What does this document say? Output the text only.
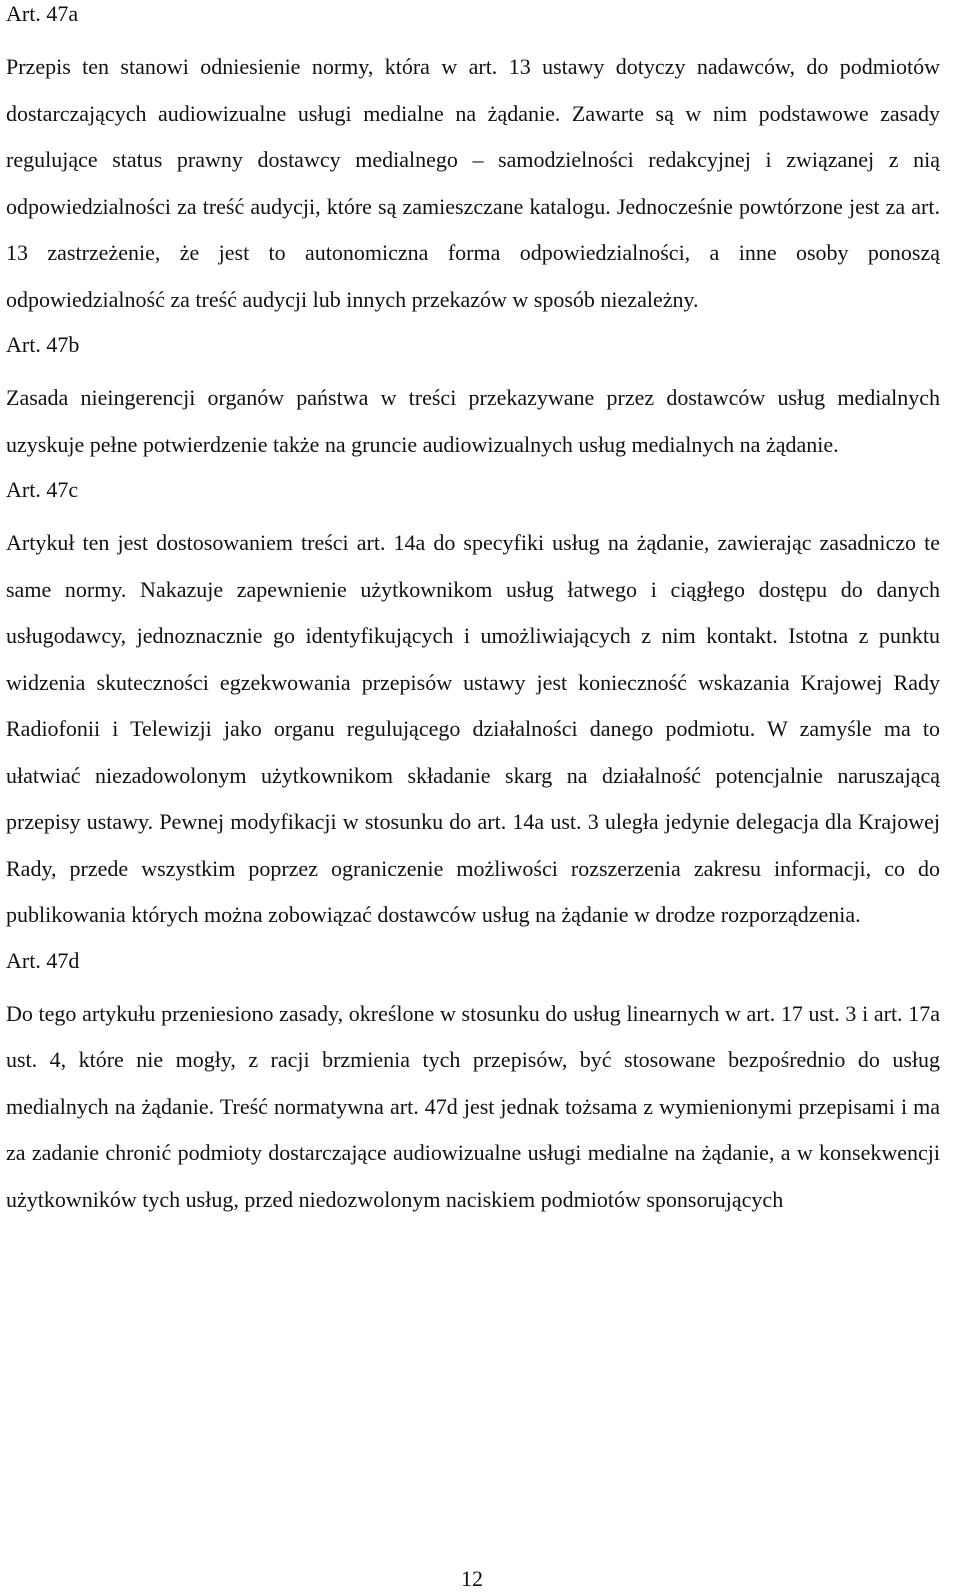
Art. 47a

Przepis ten stanowi odniesienie normy, która w art. 13 ustawy dotyczy nadawców, do podmiotów dostarczających audiowizualne usługi medialne na żądanie. Zawarte są w nim podstawowe zasady regulujące status prawny dostawcy medialnego – samodzielności redakcyjnej i związanej z nią odpowiedzialności za treść audycji, które są zamieszczane katalogu. Jednocześnie powtórzone jest za art. 13 zastrzeżenie, że jest to autonomiczna forma odpowiedzialności, a inne osoby ponoszą odpowiedzialność za treść audycji lub innych przekazów w sposób niezależny.

Art. 47b

Zasada nieingerencji organów państwa w treści przekazywane przez dostawców usług medialnych uzyskuje pełne potwierdzenie także na gruncie audiowizualnych usług medialnych na żądanie.

Art. 47c

Artykuł ten jest dostosowaniem treści art. 14a do specyfiki usług na żądanie, zawierając zasadniczo te same normy. Nakazuje zapewnienie użytkownikom usług łatwego i ciągłego dostępu do danych usługodawcy, jednoznacznie go identyfikujących i umożliwiających z nim kontakt. Istotna z punktu widzenia skuteczności egzekwowania przepisów ustawy jest konieczność wskazania Krajowej Rady Radiofonii i Telewizji jako organu regulującego działalności danego podmiotu. W zamyśle ma to ułatwiać niezadowolonym użytkownikom składanie skarg na działalność potencjalnie naruszającą przepisy ustawy. Pewnej modyfikacji w stosunku do art. 14a ust. 3 uległa jedynie delegacja dla Krajowej Rady, przede wszystkim poprzez ograniczenie możliwości rozszerzenia zakresu informacji, co do publikowania których można zobowiązać dostawców usług na żądanie w drodze rozporządzenia.

Art. 47d

Do tego artykułu przeniesiono zasady, określone w stosunku do usług linearnych w art. 17 ust. 3 i art. 17a ust. 4, które nie mogły, z racji brzmienia tych przepisów, być stosowane bezpośrednio do usług medialnych na żądanie. Treść normatywna art. 47d jest jednak tożsama z wymienionymi przepisami i ma za zadanie chronić podmioty dostarczające audiowizualne usługi medialne na żądanie, a w konsekwencji użytkowników tych usług, przed niedozwolonym naciskiem podmiotów sponsorujących

12
